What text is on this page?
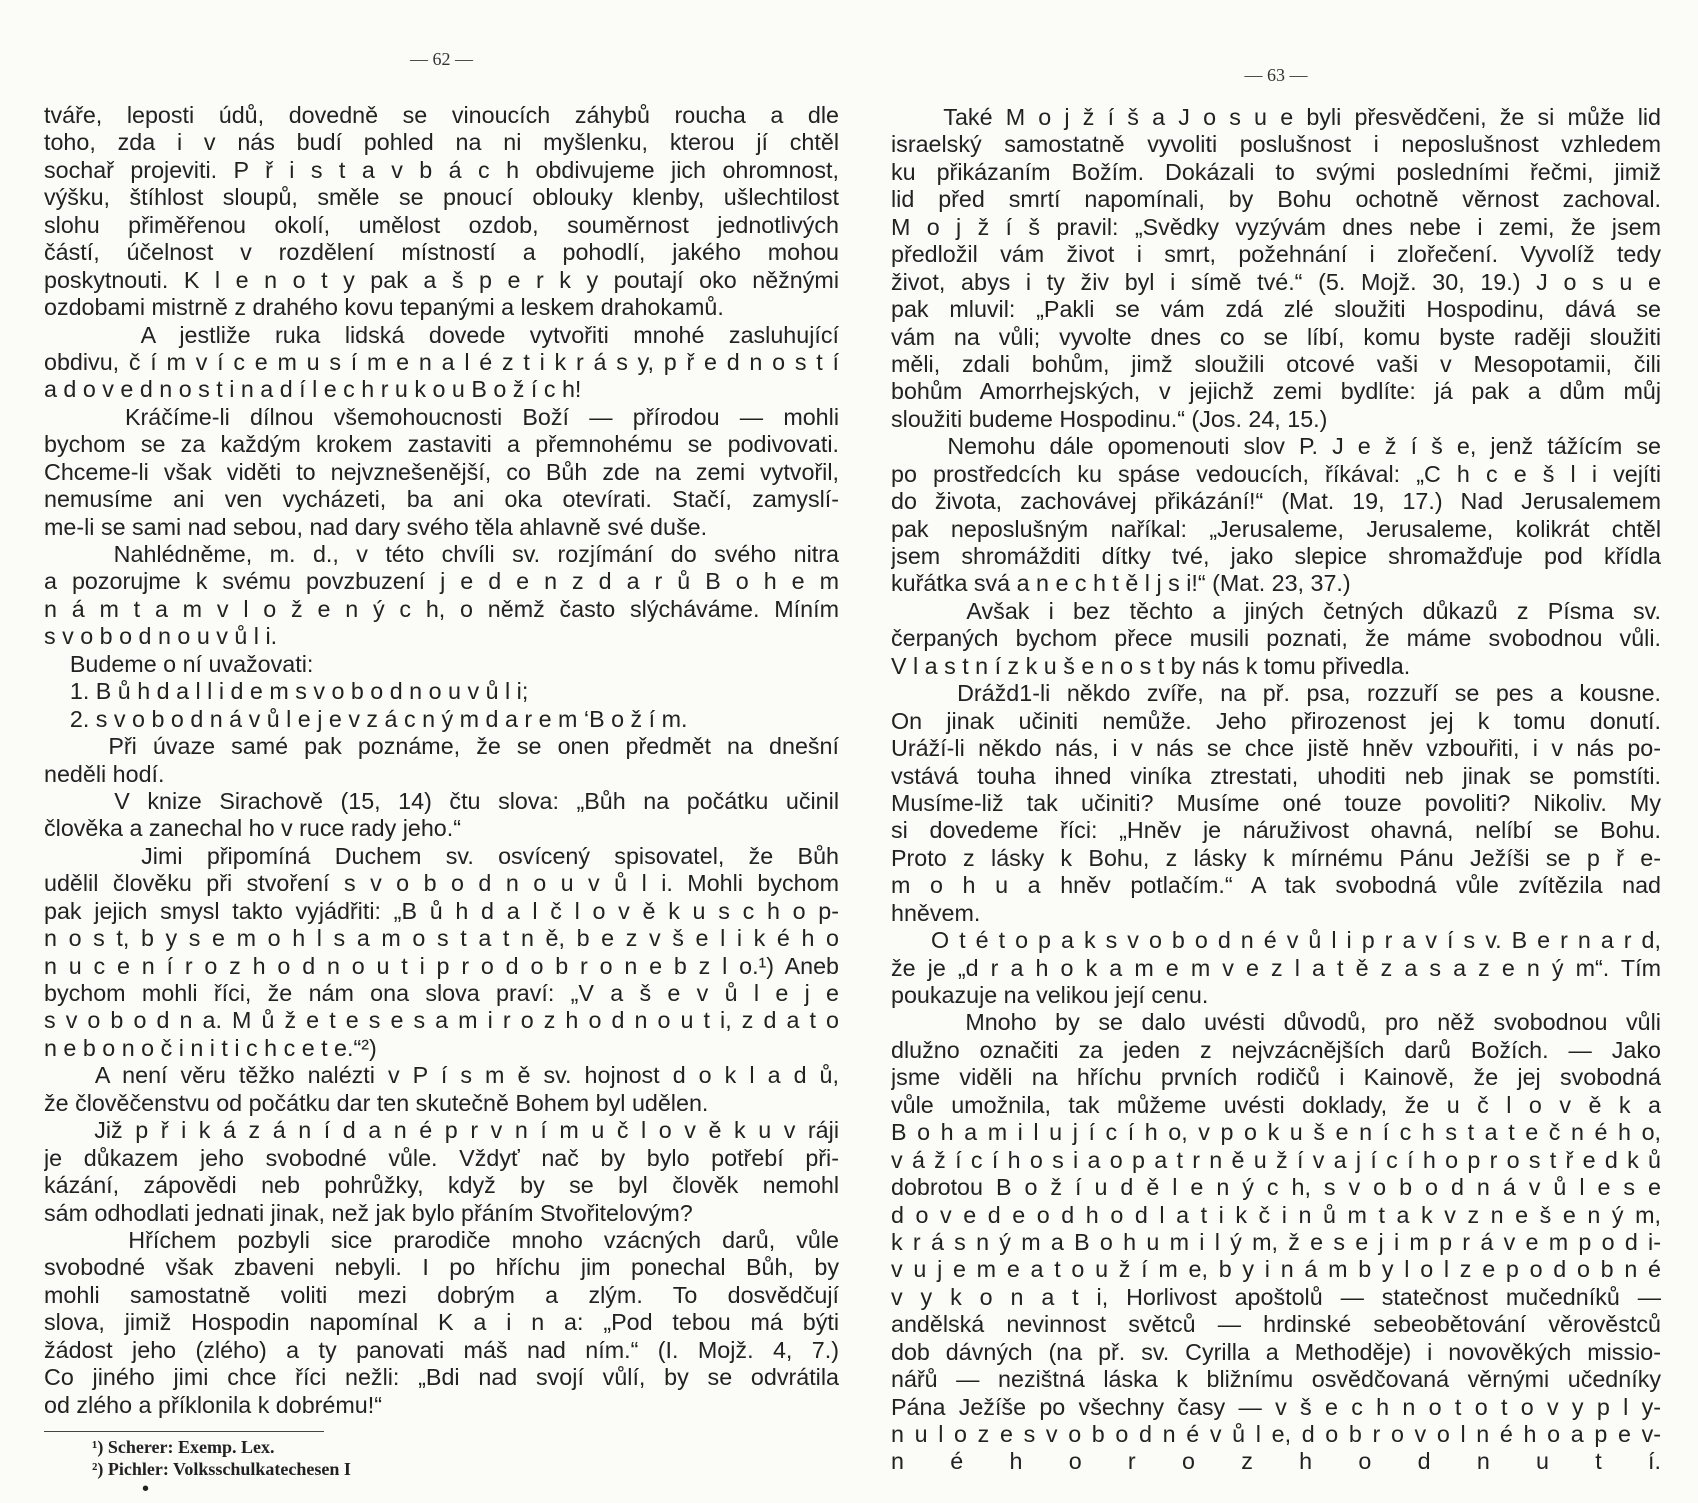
— 62 —
tváře, leposti údů, dovedně se vinoucích záhybů roucha a dle
toho, zda i v nás budí pohled na ni myšlenku, kterou jí chtěl
sochař projeviti. P ř i s t a v b á c h obdivujeme jich ohromnost,
výšku, štíhlost sloupů, směle se pnoucí oblouky klenby, ušlechtilost
slohu přiměřenou okolí, umělost ozdob, souměrnost jednotlivých
částí, účelnost v rozdělení místností a pohodlí, jakého mohou
poskytnouti. K l e n o t y pak a š p e r k y poutají oko něžnými
ozdobami mistrně z drahého kovu tepanými a leskem drahokamů.
A jestliže ruka lidská dovede vytvořiti mnohé zasluhující
obdivu, č í m v í c e m u s í m e n a l é z t i k r á s y, p ř e d n o s t í
a d o v e d n o s t i n a d í l e c h r u k o u B o ž í c h!
Kráčíme-li dílnou všemohoucnosti Boží — přírodou — mohli
bychom se za každým krokem zastaviti a přemnohému se podivovati.
Chceme-li však viděti to nejvznešenější, co Bůh zde na zemi vytvořil,
nemusíme ani ven vycházeti, ba ani oka otevírati. Stačí, zamyslí-
me-li se sami nad sebou, nad dary svého těla ahlavně své duše.
Nahlédněme, m. d., v této chvíli sv. rozjímání do svého nitra
a pozorujme k svému povzbuzení j e d e n z d a r ů B o h e m
n á m t a m v l o ž e n ý c h, o němž často slýcháváme. Míním
s v o b o d n o u v ů l i.
Budeme o ní uvažovati:
1. B ů h d a l l i d e m s v o b o d n o u v ů l i;
2. s v o b o d n á v ů l e j e v z á c n ý m d a r e m ‘B o ž í m.
Při úvaze samé pak poznáme, že se onen předmět na dnešní
neděli hodí.
V knize Sirachově (15, 14) čtu slova: „Bůh na počátku učinil
člověka a zanechal ho v ruce rady jeho.“
Jimi připomíná Duchem sv. osvícený spisovatel, že Bůh
udělil člověku při stvoření s v o b o d n o u v ů l i. Mohli bychom
pak jejich smysl takto vyjádřiti: „B ů h d a l č l o v ě k u s c h o p-
n o s t, b y s e m o h l s a m o s t a t n ě, b e z v š e l i k é h o
n u c e n í r o z h o d n o u t i p r o d o b r o n e b z l o.¹) Aneb
bychom mohli říci, že nám ona slova praví: „V a š e v ů l e j e
s v o b o d n a. M ů ž e t e s e s a m i r o z h o d n o u t i, z d a t o
n e b o n o č i n i t i c h c e t e.“²)
A není věru těžko nalézti v P í s m ě sv. hojnost d o k l a d ů,
že člověčenstvu od počátku dar ten skutečně Bohem byl udělen.
Již p ř i k á z á n í d a n é p r v n í m u č l o v ě k u v ráji
je důkazem jeho svobodné vůle. Vždyť nač by bylo potřebí při-
kázání, zápovědi neb pohrůžky, když by se byl člověk nemohl
sám odhodlati jednati jinak, než jak bylo přáním Stvořitelovým?
Hříchem pozbyli sice prarodiče mnoho vzácných darů, vůle
svobodné však zbaveni nebyli. I po hříchu jim ponechal Bůh, by
mohli samostatně voliti mezi dobrým a zlým. To dosvědčují
slova, jimiž Hospodin napomínal K a i n a: „Pod tebou má býti
žádost jeho (zlého) a ty panovati máš nad ním.“ (I. Mojž. 4, 7.)
Co jiného jimi chce říci nežli: „Bdi nad svojí vůlí, by se odvrátila
od zlého a příklonila k dobrému!“
¹) Scherer: Exemp. Lex.
²) Pichler: Volksschulkatechesen I
•
— 63 —
Také M o j ž í š a J o s u e byli přesvědčeni, že si může lid
israelský samostatně vyvoliti poslušnost i neposlušnost vzhledem
ku přikázaním Božím. Dokázali to svými posledními řečmi, jimiž
lid před smrtí napomínali, by Bohu ochotně věrnost zachoval.
M o j ž í š pravil: „Svědky vyzývám dnes nebe i zemi, že jsem
předložil vám život i smrt, požehnání i zlořečení. Vyvolíž tedy
život, abys i ty živ byl i símě tvé.“ (5. Mojž. 30, 19.) J o s u e
pak mluvil: „Pakli se vám zdá zlé sloužiti Hospodinu, dává se
vám na vůli; vyvolte dnes co se líbí, komu byste raději sloužiti
měli, zdali bohům, jimž sloužili otcové vaši v Mesopotamii, čili
bohům Amorrhejských, v jejichž zemi bydlíte: já pak a dům můj
sloužiti budeme Hospodinu.“ (Jos. 24, 15.)
Nemohu dále opomenouti slov P. J e ž í š e, jenž tážícím se
po prostředcích ku spáse vedoucích, říkával: „C h c e š l i vejíti
do života, zachovávej přikázání!“ (Mat. 19, 17.) Nad Jerusalemem
pak neposlušným naříkal: „Jerusaleme, Jerusaleme, kolikrát chtěl
jsem shromážditi dítky tvé, jako slepice shromažďuje pod křídla
kuřátka svá a n e c h t ě l j s i!“ (Mat. 23, 37.)
Avšak i bez těchto a jiných četných důkazů z Písma sv.
čerpaných bychom přece musili poznati, že máme svobodnou vůli.
V l a s t n í z k u š e n o s t by nás k tomu přivedla.
Drážd1-li někdo zvíře, na př. psa, rozzuří se pes a kousne.
On jinak učiniti nemůže. Jeho přirozenost jej k tomu donutí.
Uráží-li někdo nás, i v nás se chce jistě hněv vzbouřiti, i v nás po-
vstává touha ihned viníka ztrestati, uhoditi neb jinak se pomstíti.
Musíme-liž tak učiniti? Musíme oné touze povoliti? Nikoliv. My
si dovedeme říci: „Hněv je náruživost ohavná, nelíbí se Bohu.
Proto z lásky k Bohu, z lásky k mírnému Pánu Ježíši se p ř e-
m o h u a hněv potlačím.“ A tak svobodná vůle zvítězila nad
hněvem.
O t é t o p a k s v o b o d n é v ů l i p r a v í s v. B e r n a r d,
že je „d r a h o k a m e m v e z l a t ě z a s a z e n ý m“. Tím
poukazuje na velikou její cenu.
Mnoho by se dalo uvésti důvodů, pro něž svobodnou vůli
dlužno označiti za jeden z nejvzácnějších darů Božích. — Jako
jsme viděli na hříchu prvních rodičů i Kainově, že jej svobodná
vůle umožnila, tak můžeme uvésti doklady, že u č l o v ě k a
B o h a m i l u j í c í h o, v p o k u š e n í c h s t a t e č n é h o,
v á ž í c í h o s i a o p a t r n ě u ž í v a j í c í h o p r o s t ř e d k ů
dobrotou B o ž í u d ě l e n ý c h, s v o b o d n á v ů l e s e
d o v e d e o d h o d l a t i k č i n ů m t a k v z n e š e n ý m,
k r á s n ý m a B o h u m i l ý m, ž e s e j i m p r á v e m p o d i-
v u j e m e a t o u ž í m e, b y i n á m b y l o l z e p o d o b n é
v y k o n a t i, Horlivost apoštolů — statečnost mučedníků —
andělská nevinnost světců — hrdinské sebeobětování věrověstců
dob dávných (na př. sv. Cyrilla a Methoděje) i novověkých missio-
nářů — nezištná láska k bližnímu osvědčovaná věrnými učedníky
Pána Ježíše po všechny časy — v š e c h n o t o t o v y p l y-
n u l o z e s v o b o d n é v ů l e, d o b r o v o l n é h o a p e v-
n é h o r o z h o d n u t í.
